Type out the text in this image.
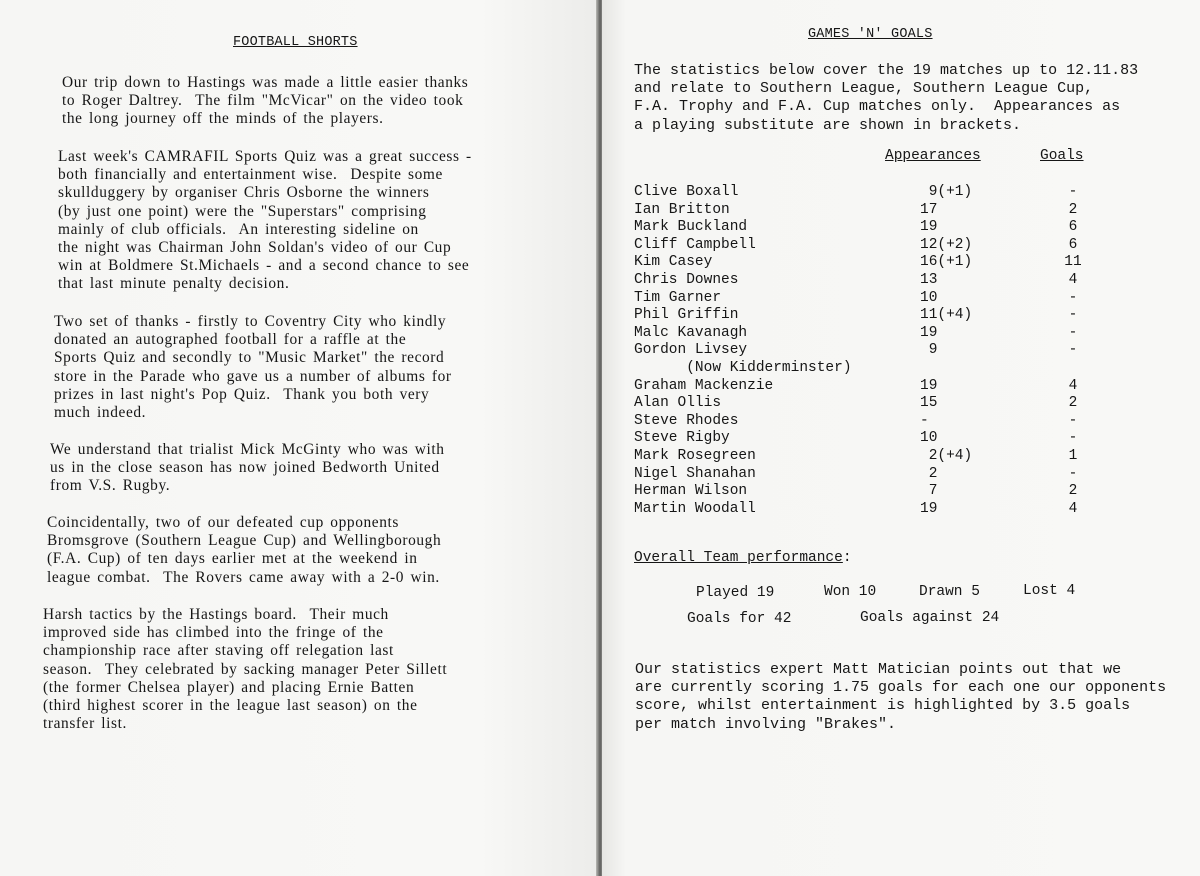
FOOTBALL SHORTS

Our trip down to Hastings was made a little easier thanks
to Roger Daltrey.  The film "McVicar" on the video took
the long journey off the minds of the players.

Last week's CAMRAFIL Sports Quiz was a great success -
both financially and entertainment wise.  Despite some
skullduggery by organiser Chris Osborne the winners
(by just one point) were the "Superstars" comprising
mainly of club officials.  An interesting sideline on
the night was Chairman John Soldan's video of our Cup
win at Boldmere St.Michaels - and a second chance to see
that last minute penalty decision.

Two set of thanks - firstly to Coventry City who kindly
donated an autographed football for a raffle at the
Sports Quiz and secondly to "Music Market" the record
store in the Parade who gave us a number of albums for
prizes in last night's Pop Quiz.  Thank you both very
much indeed.

We understand that trialist Mick McGinty who was with
us in the close season has now joined Bedworth United
from V.S. Rugby.

Coincidentally, two of our defeated cup opponents
Bromsgrove (Southern League Cup) and Wellingborough
(F.A. Cup) of ten days earlier met at the weekend in
league combat.  The Rovers came away with a 2-0 win.

Harsh tactics by the Hastings board.  Their much
improved side has climbed into the fringe of the
championship race after staving off relegation last
season.  They celebrated by sacking manager Peter Sillett
(the former Chelsea player) and placing Ernie Batten
(third highest scorer in the league last season) on the
transfer list.

GAMES 'N' GOALS

The statistics below cover the 19 matches up to 12.11.83
and relate to Southern League, Southern League Cup,
F.A. Trophy and F.A. Cup matches only.  Appearances as
a playing substitute are shown in brackets.

Appearances	Goals
Clive Boxall	9(+1)	-
Ian Britton	17	2
Mark Buckland	19	6
Cliff Campbell	12(+2)	6
Kim Casey	16(+1)	11
Chris Downes	13	4
Tim Garner	10	-
Phil Griffin	11(+4)	-
Malc Kavanagh	19	-
Gordon Livsey	9	-
(Now Kidderminster)
Graham Mackenzie	19	4
Alan Ollis	15	2
Steve Rhodes	-	-
Steve Rigby	10	-
Mark Rosegreen	2(+4)	1
Nigel Shanahan	2	-
Herman Wilson	7	2
Martin Woodall	19	4
Overall Team performance:
Played 19	Won 10	Drawn 5	Lost 4
Goals for 42	Goals against 24

Our statistics expert Matt Matician points out that we
are currently scoring 1.75 goals for each one our opponents
score, whilst entertainment is highlighted by 3.5 goals
per match involving "Brakes".
